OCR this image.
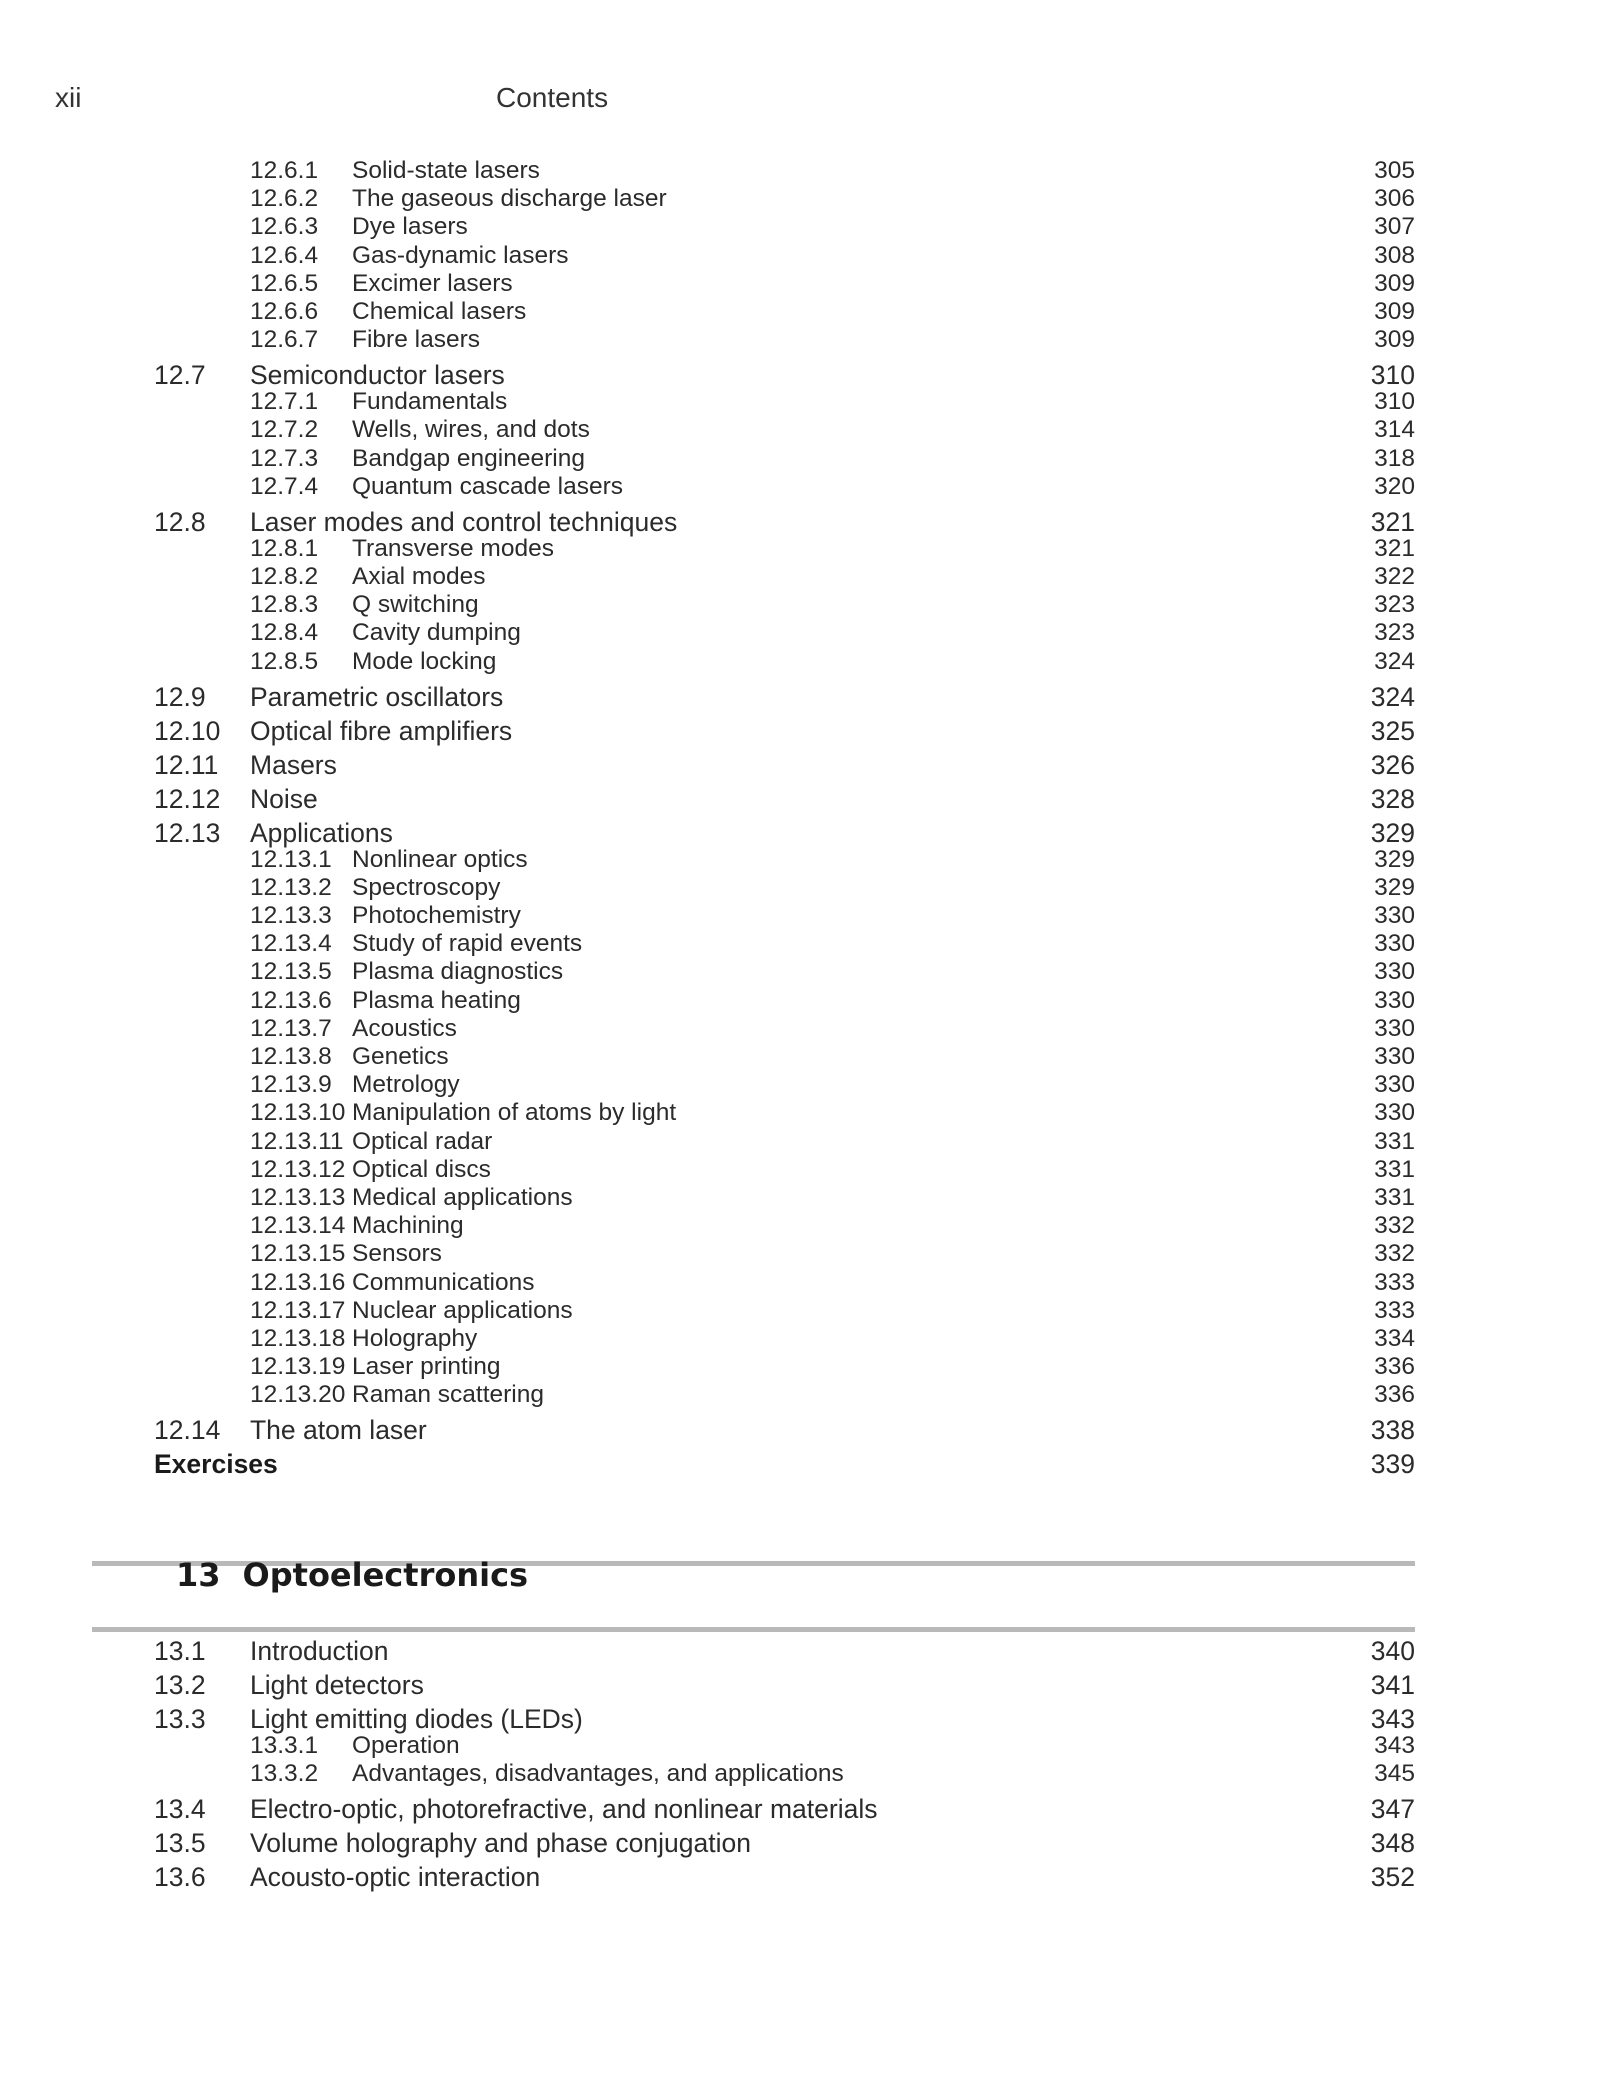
xii	Contents
12.6.1 Solid-state lasers	305
12.6.2 The gaseous discharge laser	306
12.6.3 Dye lasers	307
12.6.4 Gas-dynamic lasers	308
12.6.5 Excimer lasers	309
12.6.6 Chemical lasers	309
12.6.7 Fibre lasers	309
12.7 Semiconductor lasers	310
12.7.1 Fundamentals	310
12.7.2 Wells, wires, and dots	314
12.7.3 Bandgap engineering	318
12.7.4 Quantum cascade lasers	320
12.8 Laser modes and control techniques	321
12.8.1 Transverse modes	321
12.8.2 Axial modes	322
12.8.3 Q switching	323
12.8.4 Cavity dumping	323
12.8.5 Mode locking	324
12.9 Parametric oscillators	324
12.10 Optical fibre amplifiers	325
12.11 Masers	326
12.12 Noise	328
12.13 Applications	329
12.13.1 Nonlinear optics	329
12.13.2 Spectroscopy	329
12.13.3 Photochemistry	330
12.13.4 Study of rapid events	330
12.13.5 Plasma diagnostics	330
12.13.6 Plasma heating	330
12.13.7 Acoustics	330
12.13.8 Genetics	330
12.13.9 Metrology	330
12.13.10 Manipulation of atoms by light	330
12.13.11 Optical radar	331
12.13.12 Optical discs	331
12.13.13 Medical applications	331
12.13.14 Machining	332
12.13.15 Sensors	332
12.13.16 Communications	333
12.13.17 Nuclear applications	333
12.13.18 Holography	334
12.13.19 Laser printing	336
12.13.20 Raman scattering	336
12.14 The atom laser	338
Exercises	339
13 Optoelectronics
13.1 Introduction	340
13.2 Light detectors	341
13.3 Light emitting diodes (LEDs)	343
13.3.1 Operation	343
13.3.2 Advantages, disadvantages, and applications	345
13.4 Electro-optic, photorefractive, and nonlinear materials	347
13.5 Volume holography and phase conjugation	348
13.6 Acousto-optic interaction	352
